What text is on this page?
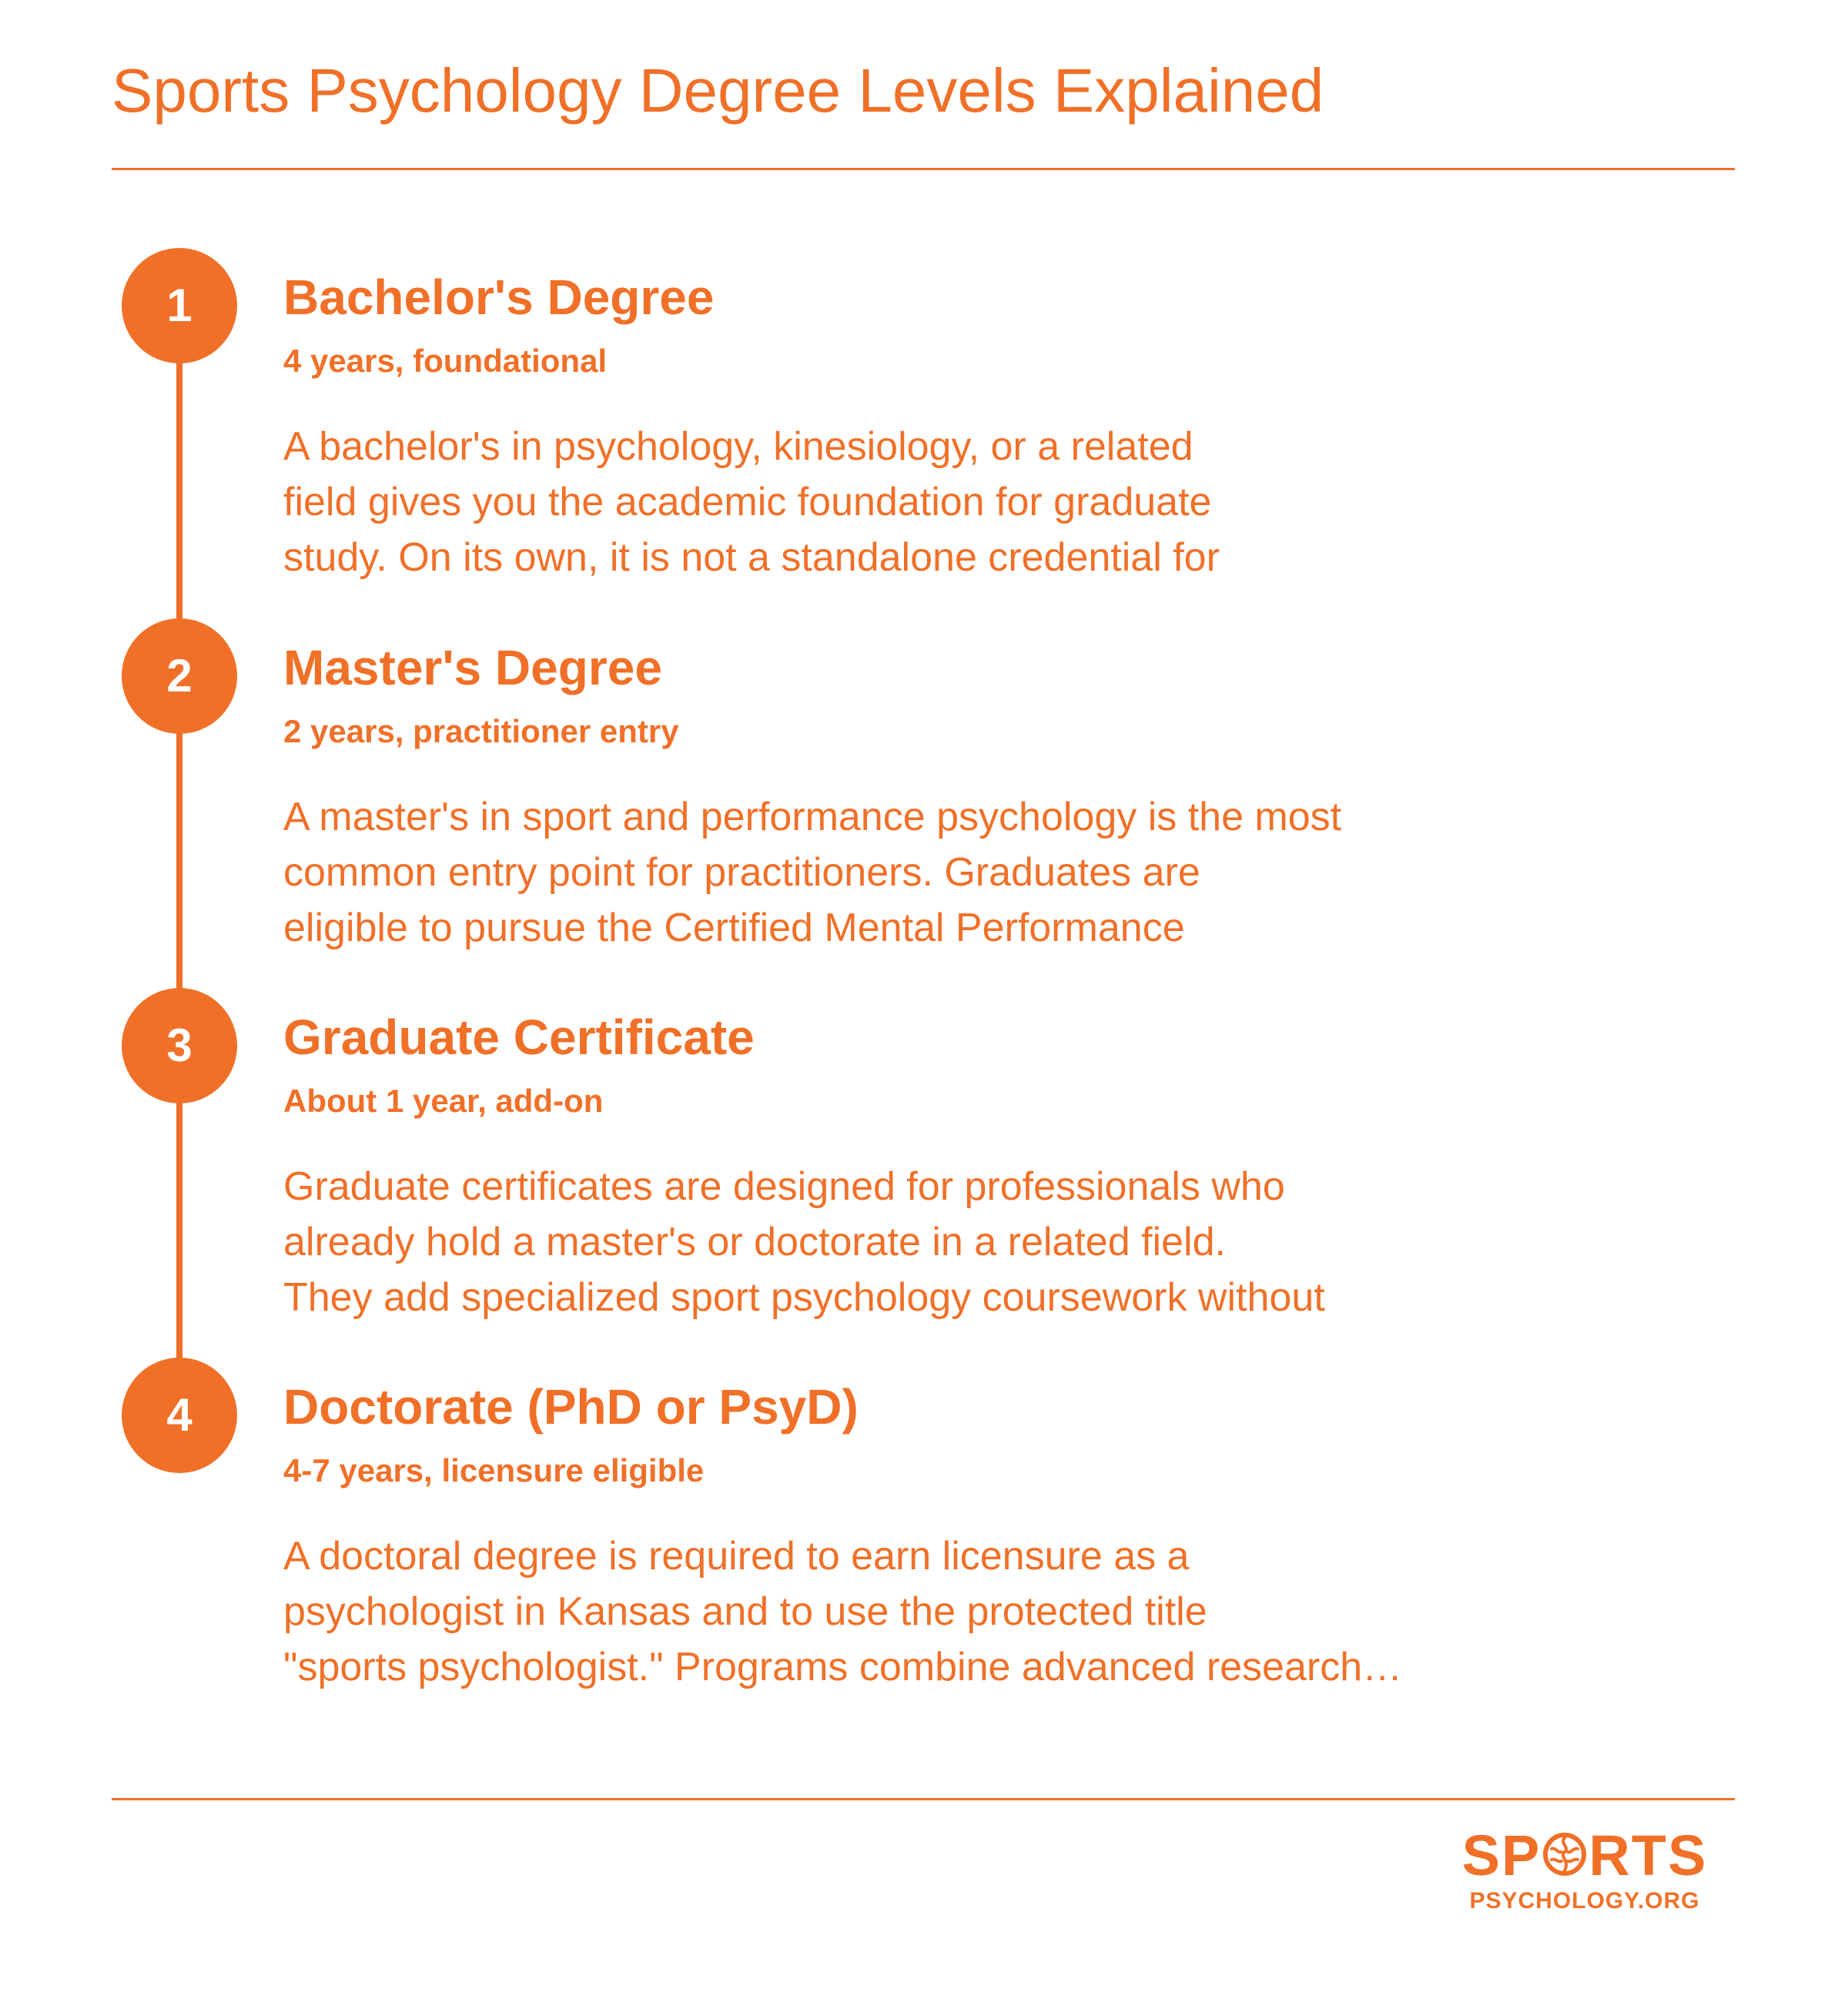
Sports Psychology Degree Levels Explained
1	Bachelor's Degree
4 years, foundational
A bachelor's in psychology, kinesiology, or a related
field gives you the academic foundation for graduate
study. On its own, it is not a standalone credential for
2	Master's Degree
2 years, practitioner entry
A master's in sport and performance psychology is the most
common entry point for practitioners. Graduates are
eligible to pursue the Certified Mental Performance
3	Graduate Certificate
About 1 year, add-on
Graduate certificates are designed for professionals who
already hold a master's or doctorate in a related field.
They add specialized sport psychology coursework without
4	Doctorate (PhD or PsyD)
4-7 years, licensure eligible
A doctoral degree is required to earn licensure as a
psychologist in Kansas and to use the protected title
"sports psychologist." Programs combine advanced research…
SP RTS
PSYCHOLOGY.ORG
